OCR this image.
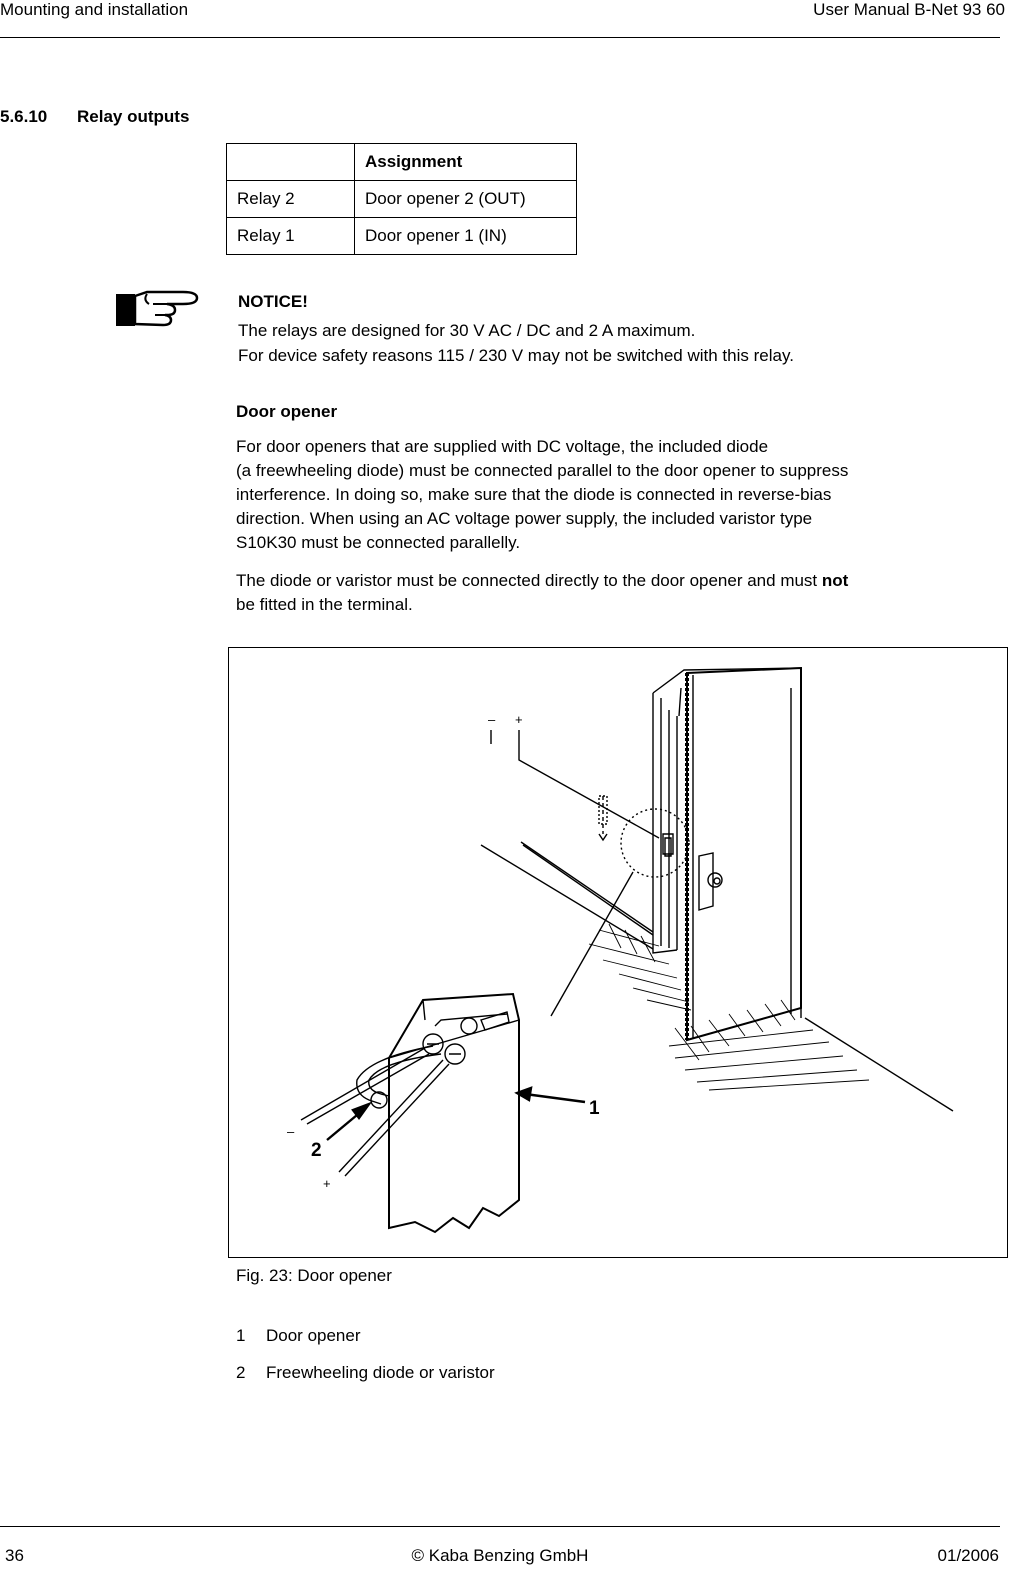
Mounting and installation	User Manual B-Net 93 60
5.6.10 Relay outputs
	Assignment
Relay 2	Door opener 2 (OUT)
Relay 1	Door opener 1 (IN)
NOTICE!
The relays are designed for 30 V AC / DC and 2 A maximum.
For device safety reasons 115 / 230 V may not be switched with this relay.
Door opener
For door openers that are supplied with DC voltage, the included diode
(a freewheeling diode) must be connected parallel to the door opener to suppress
interference. In doing so, make sure that the diode is connected in reverse-bias
direction. When using an AC voltage power supply, the included varistor type
S10K30 must be connected parallelly.
The diode or varistor must be connected directly to the door opener and must not
be fitted in the terminal.
– +
–
+
1
2
Fig. 23: Door opener
1 Door opener
2 Freewheeling diode or varistor
36	© Kaba Benzing GmbH	01/2006
